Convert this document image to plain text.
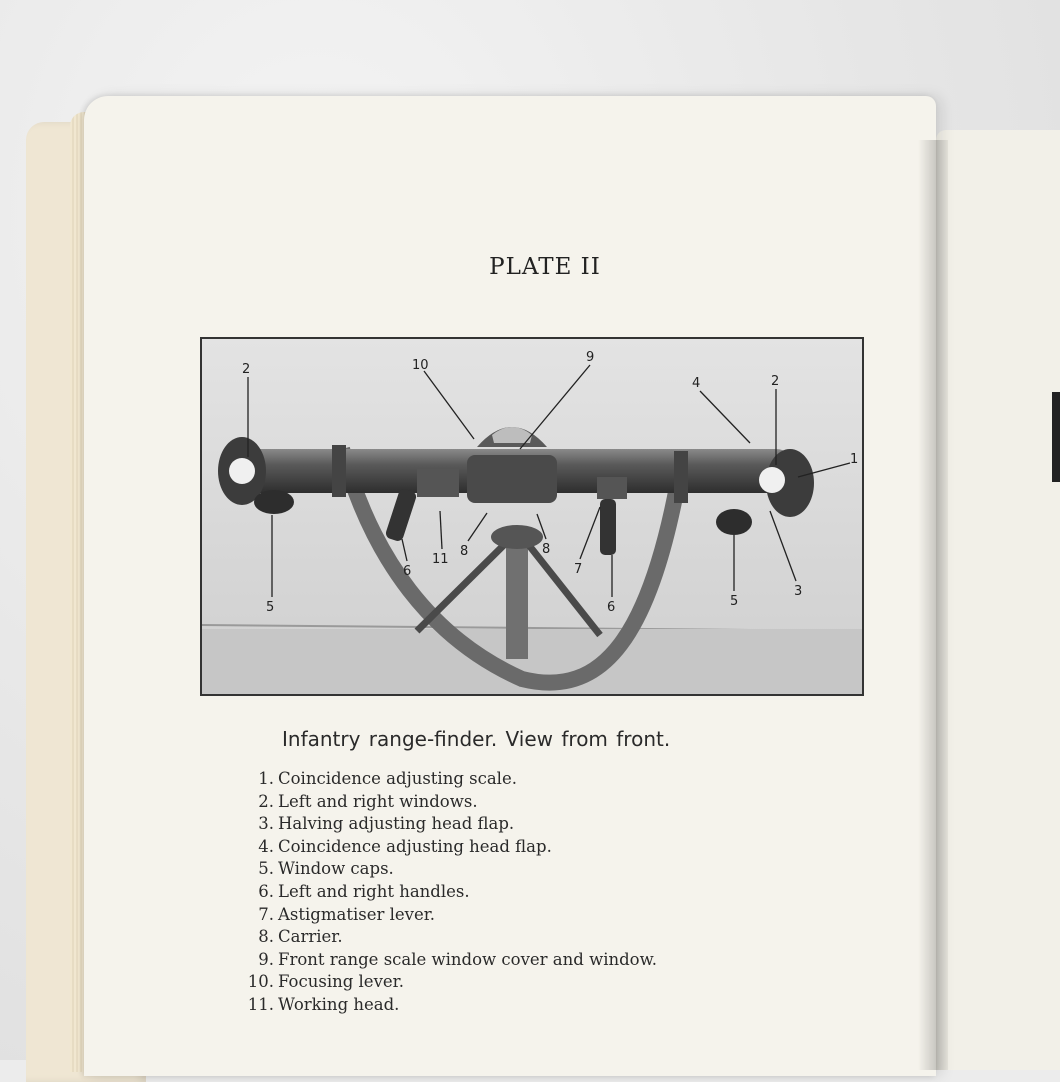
PLATE II
2	10
9
4	2
1
6
11
8	8
7
6
5	5
3
Infantry range-finder. View from front.
1. Coincidence adjusting scale.
2. Left and right windows.
3. Halving adjusting head flap.
4. Coincidence adjusting head flap.
5. Window caps.
6. Left and right handles.
7. Astigmatiser lever.
8. Carrier.
9. Front range scale window cover and window.
10. Focusing lever.
11. Working head.
